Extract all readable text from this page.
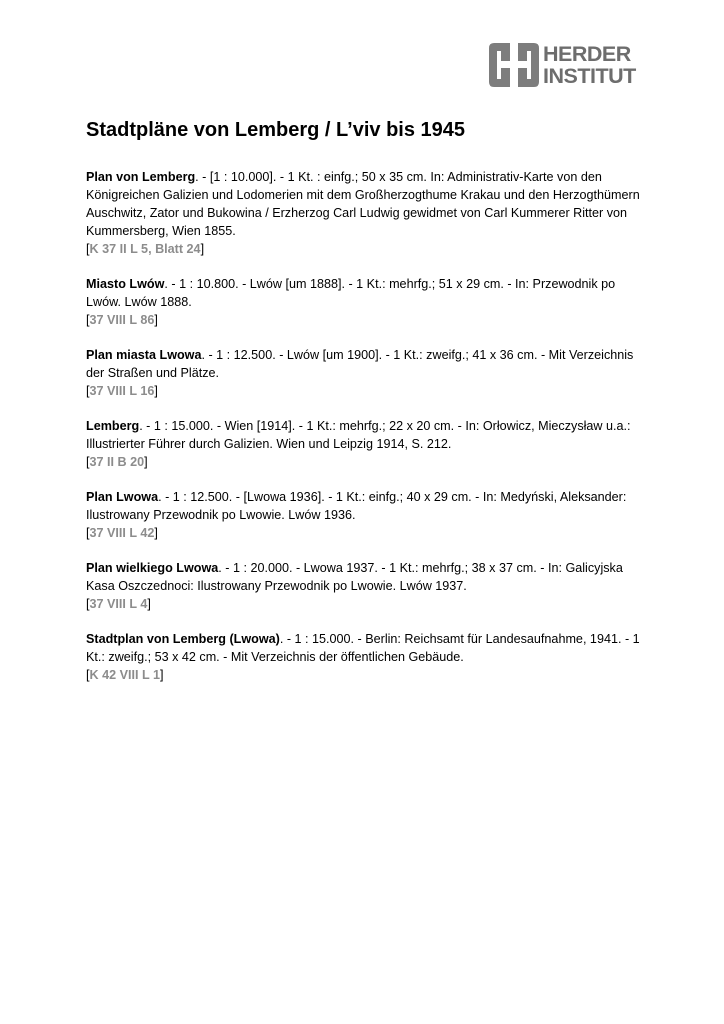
HERDER
INSTITUT
Stadtpläne von Lemberg / L’viv bis 1945
Plan von Lemberg. - [1 : 10.000]. - 1 Kt. : einfg.; 50 x 35 cm. In: Administrativ-Karte von den Königreichen Galizien und Lodomerien mit dem Großherzogthume Krakau und den Herzogthümern Auschwitz, Zator und Bukowina / Erzherzog Carl Ludwig gewidmet von Carl Kummerer Ritter von Kummersberg, Wien 1855.
[K 37 II L 5, Blatt 24]
Miasto Lwów. - 1 : 10.800. - Lwów [um 1888]. - 1 Kt.: mehrfg.; 51 x 29 cm. - In: Przewodnik po Lwów. Lwów 1888.
[37 VIII L 86]
Plan miasta Lwowa. - 1 : 12.500. - Lwów [um 1900]. - 1 Kt.: zweifg.; 41 x 36 cm. - Mit Verzeichnis der Straßen und Plätze.
[37 VIII L 16]
Lemberg. - 1 : 15.000. - Wien [1914]. - 1 Kt.: mehrfg.; 22 x 20 cm. - In: Orłowicz, Mieczysław u.a.: Illustrierter Führer durch Galizien. Wien und Leipzig 1914, S. 212.
[37 II B 20]
Plan Lwowa. - 1 : 12.500. - [Lwowa 1936]. - 1 Kt.: einfg.; 40 x 29 cm. - In: Medyński, Aleksander: Ilustrowany Przewodnik po Lwowie. Lwów 1936.
[37 VIII L 42]
Plan wielkiego Lwowa. - 1 : 20.000. - Lwowa 1937. - 1 Kt.: mehrfg.; 38 x 37 cm. - In: Galicyjska Kasa Oszczednoci: Ilustrowany Przewodnik po Lwowie. Lwów 1937.
[37 VIII L 4]
Stadtplan von Lemberg (Lwowa). - 1 : 15.000. - Berlin: Reichsamt für Landesaufnahme, 1941. - 1 Kt.: zweifg.; 53 x 42 cm. - Mit Verzeichnis der öffentlichen Gebäude.
[K 42 VIII L 1]
